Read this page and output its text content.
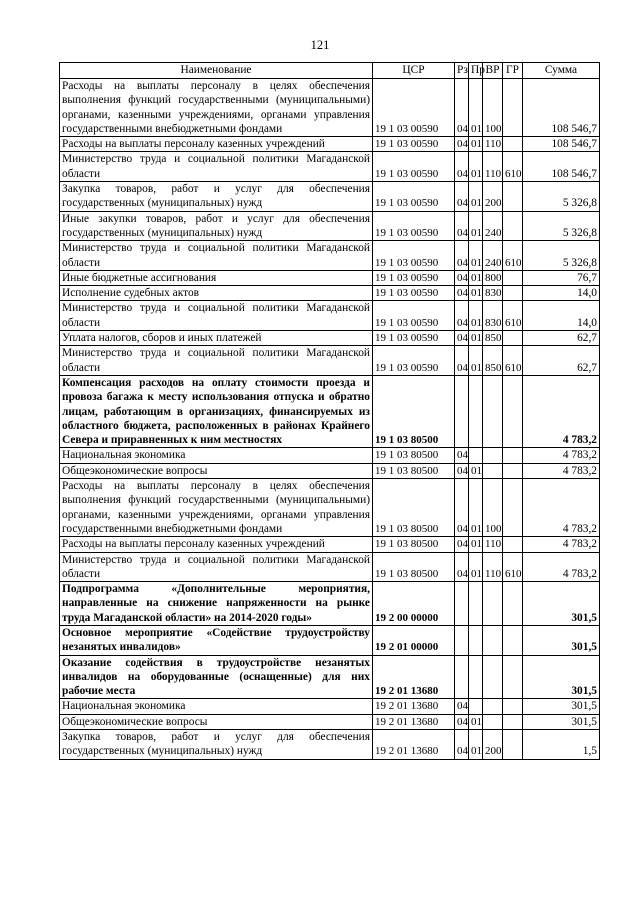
121
Наименование	ЦСР	Рз	Пр	ВР	ГР	Сумма
Расходы на выплаты персоналу в целях обеспечения выполнения функций государственными (муниципальными) органами, казенными учреждениями, органами управления государственными внебюджетными фондами	19 1 03 00590	04	01	100		108 546,7
Расходы на выплаты персоналу казенных учреждений	19 1 03 00590	04	01	110		108 546,7
Министерство труда и социальной политики Магаданской области	19 1 03 00590	04	01	110	610	108 546,7
Закупка товаров, работ и услуг для обеспечения государственных (муниципальных) нужд	19 1 03 00590	04	01	200		5 326,8
Иные закупки товаров, работ и услуг для обеспечения государственных (муниципальных) нужд	19 1 03 00590	04	01	240		5 326,8
Министерство труда и социальной политики Магаданской области	19 1 03 00590	04	01	240	610	5 326,8
Иные бюджетные ассигнования	19 1 03 00590	04	01	800		76,7
Исполнение судебных актов	19 1 03 00590	04	01	830		14,0
Министерство труда и социальной политики Магаданской области	19 1 03 00590	04	01	830	610	14,0
Уплата налогов, сборов и иных платежей	19 1 03 00590	04	01	850		62,7
Министерство труда и социальной политики Магаданской области	19 1 03 00590	04	01	850	610	62,7
Компенсация расходов на оплату стоимости проезда и провоза багажа к месту использования отпуска и обратно лицам, работающим в организациях, финансируемых из областного бюджета, расположенных в районах Крайнего Севера и приравненных к ним местностях	19 1 03 80500					4 783,2
Национальная экономика	19 1 03 80500	04				4 783,2
Общеэкономические вопросы	19 1 03 80500	04	01			4 783,2
Расходы на выплаты персоналу в целях обеспечения выполнения функций государственными (муниципальными) органами, казенными учреждениями, органами управления государственными внебюджетными фондами	19 1 03 80500	04	01	100		4 783,2
Расходы на выплаты персоналу казенных учреждений	19 1 03 80500	04	01	110		4 783,2
Министерство труда и социальной политики Магаданской области	19 1 03 80500	04	01	110	610	4 783,2
Подпрограмма «Дополнительные мероприятия, направленные на снижение напряженности на рынке труда Магаданской области» на 2014-2020 годы»	19 2 00 00000					301,5
Основное мероприятие «Содействие трудоустройству незанятых инвалидов»	19 2 01 00000					301,5
Оказание содействия в трудоустройстве незанятых инвалидов на оборудованные (оснащенные) для них рабочие места	19 2 01 13680					301,5
Национальная экономика	19 2 01 13680	04				301,5
Общеэкономические вопросы	19 2 01 13680	04	01			301,5
Закупка товаров, работ и услуг для обеспечения государственных (муниципальных) нужд	19 2 01 13680	04	01	200		1,5
